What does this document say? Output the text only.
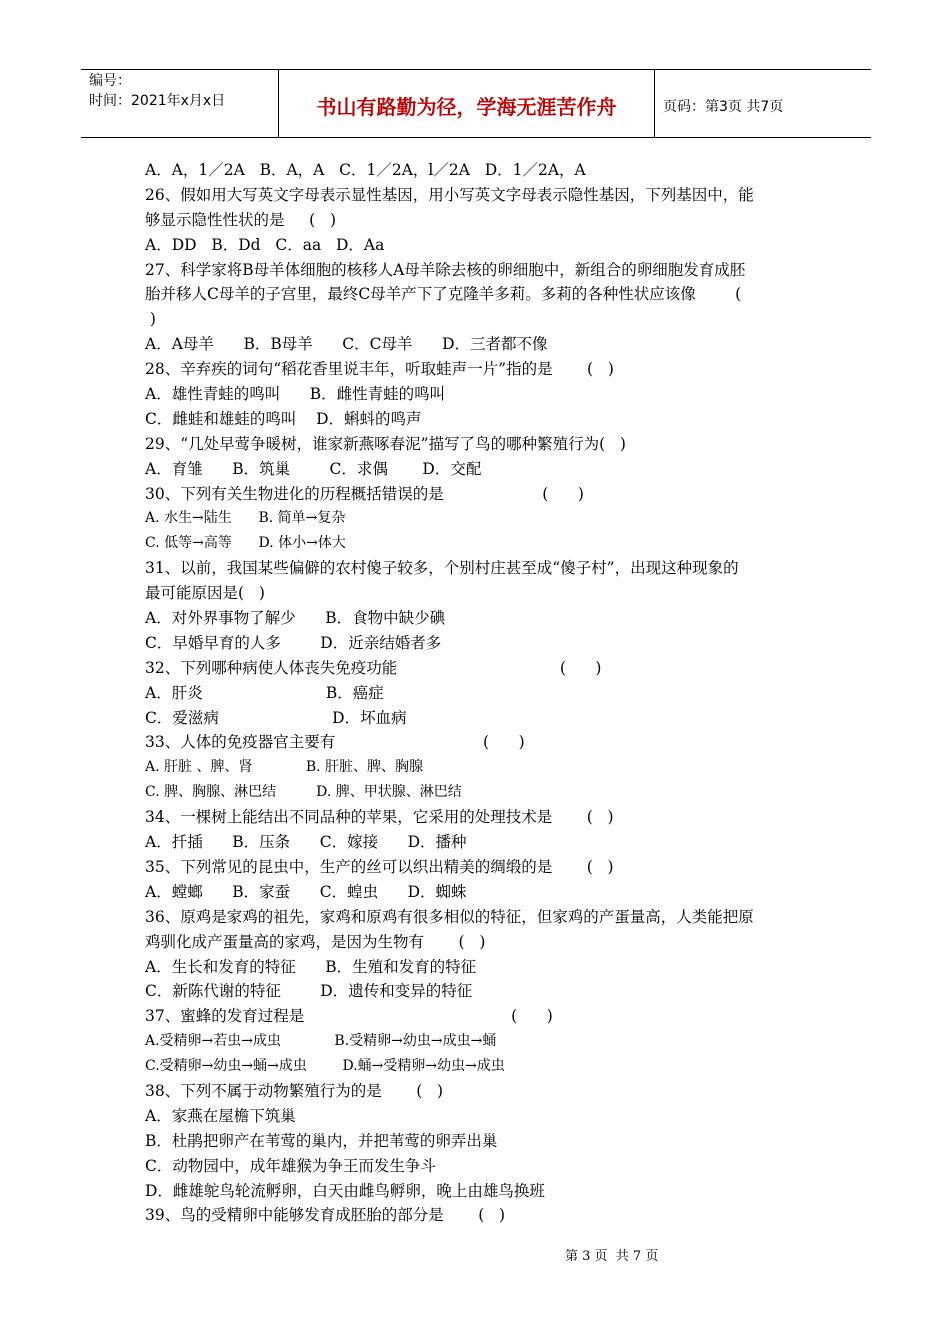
编号：
时间：2021年x月x日	书山有路勤为径，学海无涯苦作舟	页码：第3页 共7页
A．A，1／2A   B．A，A   C．1／2A，l／2A   D．1／2A，A
26、假如用大写英文字母表示显性基因，用小写英文字母表示隐性基因，下列基因中，能
够显示隐性性状的是     (   )
A．DD   B．Dd   C．aa   D．Aa
27、科学家将B母羊体细胞的核移人A母羊除去核的卵细胞中，新组合的卵细胞发育成胚
胎并移人C母羊的子宫里，最终C母羊产下了克隆羊多莉。多莉的各种性状应该像        (
)
A．A母羊      B．B母羊      C．C母羊      D．三者都不像
28、辛弃疾的词句“稻花香里说丰年，听取蛙声一片”指的是       (   )
A．雄性青蛙的鸣叫      B．雌性青蛙的鸣叫
C．雌蛙和雄蛙的鸣叫    D．蝌蚪的鸣声
29、“几处早莺争暖树，谁家新燕啄春泥”描写了鸟的哪种繁殖行为(   )
A．育雏      B．筑巢        C．求偶       D．交配
30、下列有关生物进化的历程概括错误的是                    (      )
A. 水生→陆生      B. 简单→复杂
C. 低等→高等      D. 体小→体大
31、以前，我国某些偏僻的农村傻子较多，个别村庄甚至成“傻子村”，出现这种现象的
最可能原因是(   )
A．对外界事物了解少      B．食物中缺少碘
C．早婚早育的人多        D．近亲结婚者多
32、下列哪种病使人体丧失免疫功能                                 (      )
A．肝炎                         B．癌症
C．爱滋病                       D．坏血病
33、人体的免疫器官主要有                              (      )
A. 肝脏 、脾、肾            B. 肝脏、脾、胸腺
C. 脾、胸腺、淋巴结         D. 脾、甲状腺、淋巴结
34、一棵树上能结出不同品种的苹果，它采用的处理技术是       (   )
A．扦插      B．压条      C．嫁接      D．播种
35、下列常见的昆虫中，生产的丝可以织出精美的绸缎的是       (   )
A．螳螂      B．家蚕      C．蝗虫      D．蜘蛛
36、原鸡是家鸡的祖先，家鸡和原鸡有很多相似的特征，但家鸡的产蛋量高，人类能把原
鸡驯化成产蛋量高的家鸡，是因为生物有       (   )
A．生长和发育的特征      B．生殖和发育的特征
C．新陈代谢的特征        D．遗传和变异的特征
37、蜜蜂的发育过程是                                          (      )
A.受精卵→若虫→成虫            B.受精卵→幼虫→成虫→蛹
C.受精卵→幼虫→蛹→成虫        D.蛹→受精卵→幼虫→成虫
38、下列不属于动物繁殖行为的是       (   )
A．家燕在屋檐下筑巢
B．杜鹃把卵产在苇莺的巢内，并把苇莺的卵弄出巢
C．动物园中，成年雄猴为争王而发生争斗
D．雌雄鸵鸟轮流孵卵，白天由雌鸟孵卵，晚上由雄鸟换班
39、鸟的受精卵中能够发育成胚胎的部分是       (   )
第 3 页  共 7 页
